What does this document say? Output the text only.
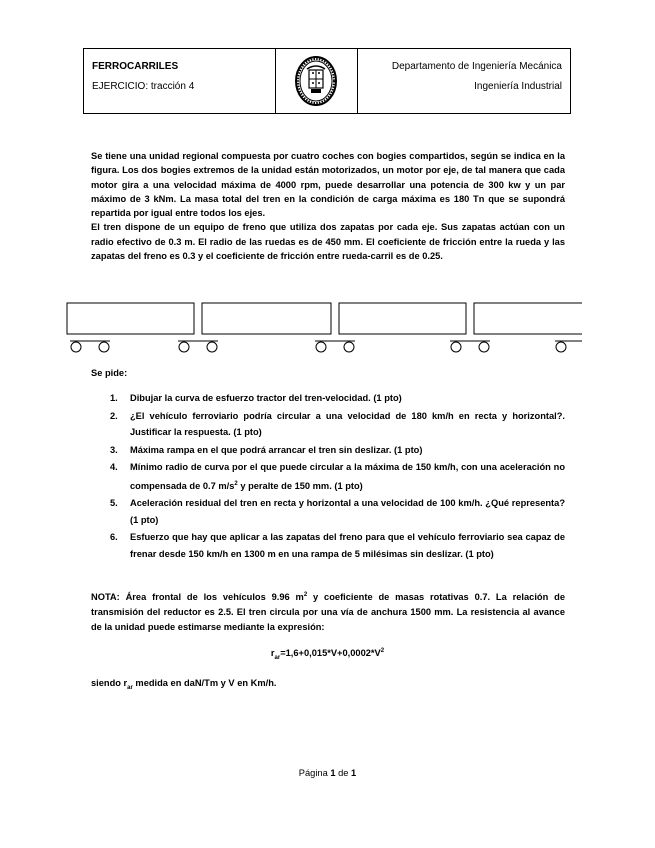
FERROCARRILES
EJERCICIO: tracción 4
Departamento de Ingeniería Mecánica
Ingeniería Industrial
Se tiene una unidad regional compuesta por cuatro coches con bogies compartidos, según se indica en la figura. Los dos bogies extremos de la unidad están motorizados, un motor por eje, de tal manera que cada motor gira a una velocidad máxima de 4000 rpm, puede desarrollar una potencia de 300 kw y un par máximo de 3 kNm. La masa total del tren en la condición de carga máxima es 180 Tn que se supondrá repartida por igual entre todos los ejes.
El tren dispone de un equipo de freno que utiliza dos zapatas por cada eje. Sus zapatas actúan con un radio efectivo de 0.3 m. El radio de las ruedas es de 450 mm. El coeficiente de fricción entre la rueda y las zapatas del freno es 0.3 y el coeficiente de fricción entre rueda-carril es de 0.25.
Se pide:
1. Dibujar la curva de esfuerzo tractor del tren-velocidad. (1 pto)
2. ¿El vehículo ferroviario podría circular a una velocidad de 180 km/h en recta y horizontal?. Justificar la respuesta. (1 pto)
3. Máxima rampa en el que podrá arrancar el tren sin deslizar. (1 pto)
4. Mínimo radio de curva por el que puede circular a la máxima de 150 km/h, con una aceleración no compensada de 0.7 $m/s^2$ y peralte de 150 mm. (1 pto)
5. Aceleración residual del tren en recta y horizontal a una velocidad de 100 km/h. ¿Qué representa? (1 pto)
6. Esfuerzo que hay que aplicar a las zapatas del freno para que el vehículo ferroviario sea capaz de frenar desde 150 km/h en 1300 m en una rampa de 5 milésimas sin deslizar. (1 pto)
NOTA: Área frontal de los vehículos 9.96 $m^2$ y coeficiente de masas rotativas 0.7. La relación de transmisión del reductor es 2.5. El tren circula por una vía de anchura 1500 mm. La resistencia al avance de la unidad puede estimarse mediante la expresión:
$r_{ar}=1,6+0,015*V+0,0002*V^2$
siendo $r_{ar}$ medida en daN/Tm y V en Km/h.
Página 1 de 1
